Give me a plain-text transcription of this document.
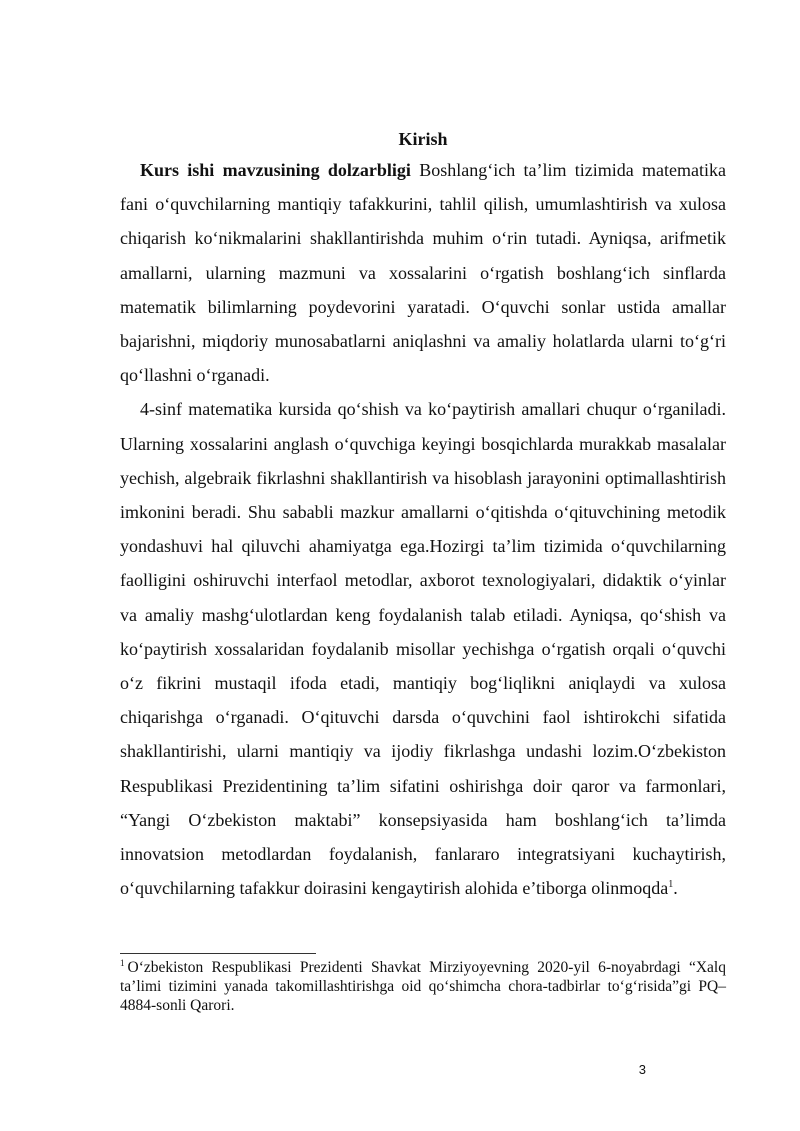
Kirish

Kurs ishi mavzusining dolzarbligi Boshlang‘ich ta’lim tizimida matematika fani o‘quvchilarning mantiqiy tafakkurini, tahlil qilish, umumlashtirish va xulosa chiqarish ko‘nikmalarini shakllantirishda muhim o‘rin tutadi. Ayniqsa, arifmetik amallarni, ularning mazmuni va xossalarini o‘rgatish boshlang‘ich sinflarda matematik bilimlarning poydevorini yaratadi. O‘quvchi sonlar ustida amallar bajarishni, miqdoriy munosabatlarni aniqlashni va amaliy holatlarda ularni to‘g‘ri qo‘llashni o‘rganadi.

4-sinf matematika kursida qo‘shish va ko‘paytirish amallari chuqur o‘rganiladi. Ularning xossalarini anglash o‘quvchiga keyingi bosqichlarda murakkab masalalar yechish, algebraik fikrlashni shakllantirish va hisoblash jarayonini optimallashtirish imkonini beradi. Shu sababli mazkur amallarni o‘qitishda o‘qituvchining metodik yondashuvi hal qiluvchi ahamiyatga ega.Hozirgi ta’lim tizimida o‘quvchilarning faolligini oshiruvchi interfaol metodlar, axborot texnologiyalari, didaktik o‘yinlar va amaliy mashg‘ulotlardan keng foydalanish talab etiladi. Ayniqsa, qo‘shish va ko‘paytirish xossalaridan foydalanib misollar yechishga o‘rgatish orqali o‘quvchi o‘z fikrini mustaqil ifoda etadi, mantiqiy bog‘liqlikni aniqlaydi va xulosa chiqarishga o‘rganadi. O‘qituvchi darsda o‘quvchini faol ishtirokchi sifatida shakllantirishi, ularni mantiqiy va ijodiy fikrlashga undashi lozim.O‘zbekiston Respublikasi Prezidentining ta’lim sifatini oshirishga doir qaror va farmonlari, “Yangi O‘zbekiston maktabi” konsepsiyasida ham boshlang‘ich ta’limda innovatsion metodlardan foydalanish, fanlararo integratsiyani kuchaytirish, o‘quvchilarning tafakkur doirasini kengaytirish alohida e’tiborga olinmoqda$^1$.

$^1$ O‘zbekiston Respublikasi Prezidenti Shavkat Mirziyoyevning 2020-yil 6-noyabrdagi “Xalq ta’limi tizimini yanada takomillashtirishga oid qo‘shimcha chora-tadbirlar to‘g‘risida”gi PQ–4884-sonli Qarori.
3
